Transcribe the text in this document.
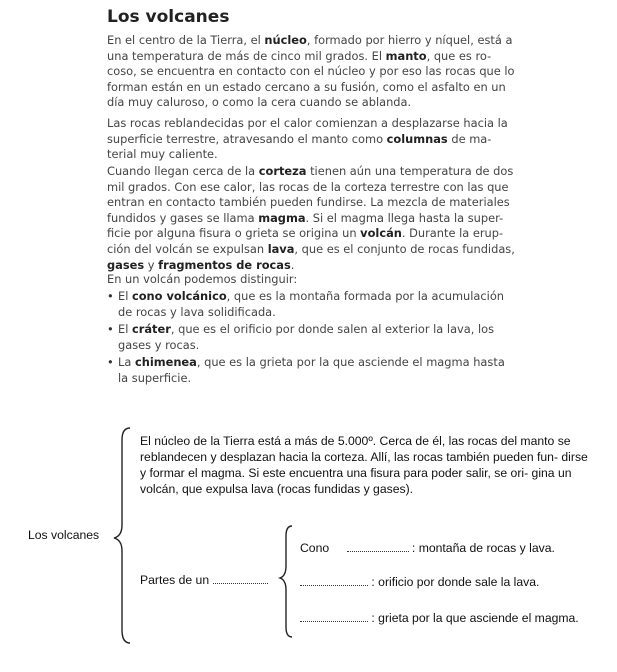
Los volcanes
En el centro de la Tierra, el núcleo, formado por hierro y níquel, está a una temperatura de más de cinco mil grados. El manto, que es ro- coso, se encuentra en contacto con el núcleo y por eso las rocas que lo forman están en un estado cercano a su fusión, como el asfalto en un día muy caluroso, o como la cera cuando se ablanda.
Las rocas reblandecidas por el calor comienzan a desplazarse hacia la superficie terrestre, atravesando el manto como columnas de ma- terial muy caliente.
Cuando llegan cerca de la corteza tienen aún una temperatura de dos mil grados. Con ese calor, las rocas de la corteza terrestre con las que entran en contacto también pueden fundirse. La mezcla de materiales fundidos y gases se llama magma. Si el magma llega hasta la super- ficie por alguna fisura o grieta se origina un volcán. Durante la erup- ción del volcán se expulsan lava, que es el conjunto de rocas fundidas, gases y fragmentos de rocas.
En un volcán podemos distinguir:
• El cono volcánico, que es la montaña formada por la acumulación de rocas y lava solidificada.
• El cráter, que es el orificio por donde salen al exterior la lava, los gases y rocas.
• La chimenea, que es la grieta por la que asciende el magma hasta la superficie.
Los volcanes
El núcleo de la Tierra está a más de 5.000º. Cerca de él, las rocas del manto se reblandecen y desplazan hacia la corteza. Allí, las rocas también pueden fun- dirse y formar el magma. Si este encuentra una fisura para poder salir, se ori- gina un volcán, que expulsa lava (rocas fundidas y gases).
Partes de un
Cono	: montaña de rocas y lava.
: orificio por donde sale la lava.
: grieta por la que asciende el magma.
